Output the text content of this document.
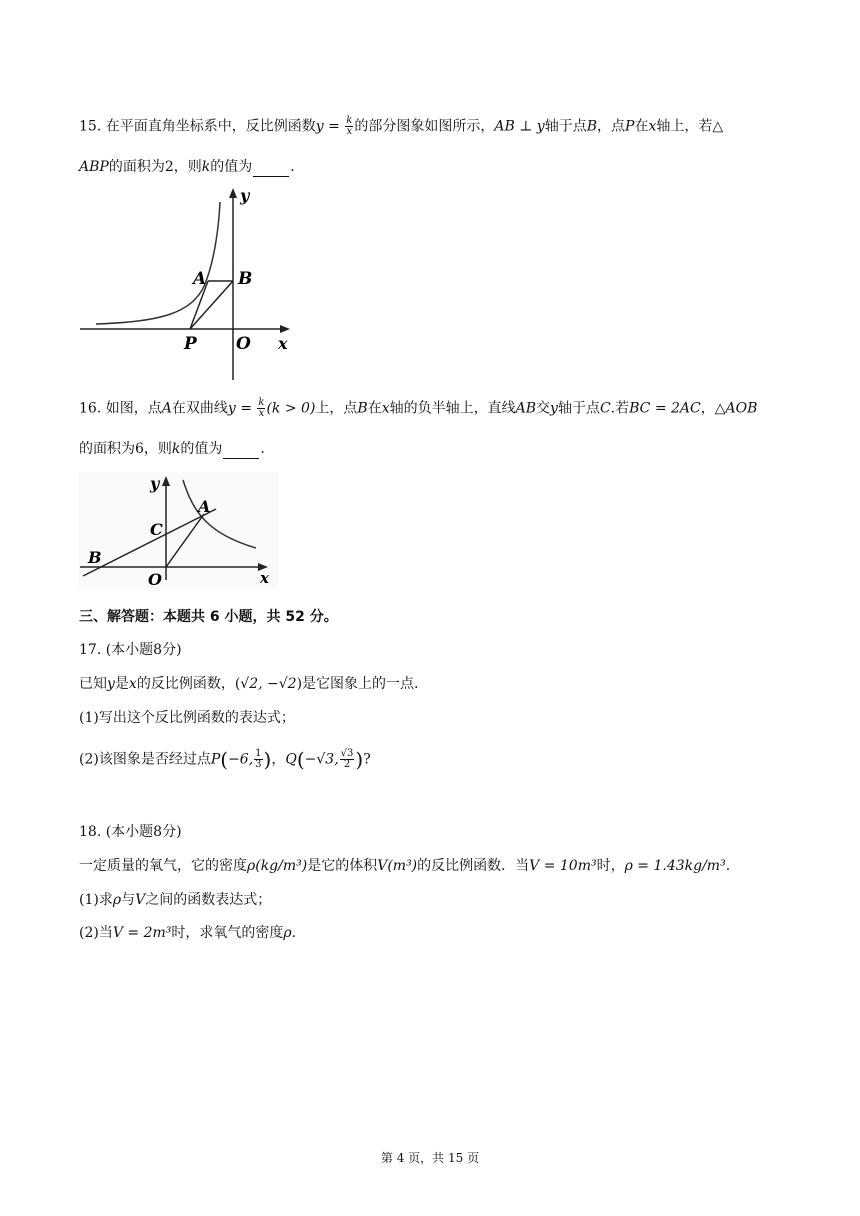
15. 在平面直角坐标系中，反比例函数$y = \frac{k}{x}$ 的部分图象如图所示，AB ⊥ y轴于点B，点P在x轴上，若△
ABP的面积为2，则k的值为	.
y
A B
P O x
16. 如图，点A在双曲线$y = \frac{k}{x} (k > 0)$上，点B在x轴的负半轴上，直线AB交y轴于点C.若BC = 2AC，△AOB
的面积为6，则k的值为	.
y
A
C
B
O	x
三、解答题：本题共 6 小题，共 52 分。
17. (本小题8分)
已知y是x的反比例函数，(√2, −√2)是它图象上的一点.
(1)写出这个反比例函数的表达式；
(2)该图象是否经过点P(−6, $\frac{1}{3}$ )，Q(−√3, $\frac{√3}{2}$ )?
18. (本小题8分)
一定质量的氧气，它的密度ρ(kg/m³)是它的体积V(m³)的反比例函数．当V = 10m³时，ρ = 1.43kg/m³.
(1)求ρ与V之间的函数表达式；
(2)当V = 2m³时，求氧气的密度ρ.
第 4 页，共 15 页
